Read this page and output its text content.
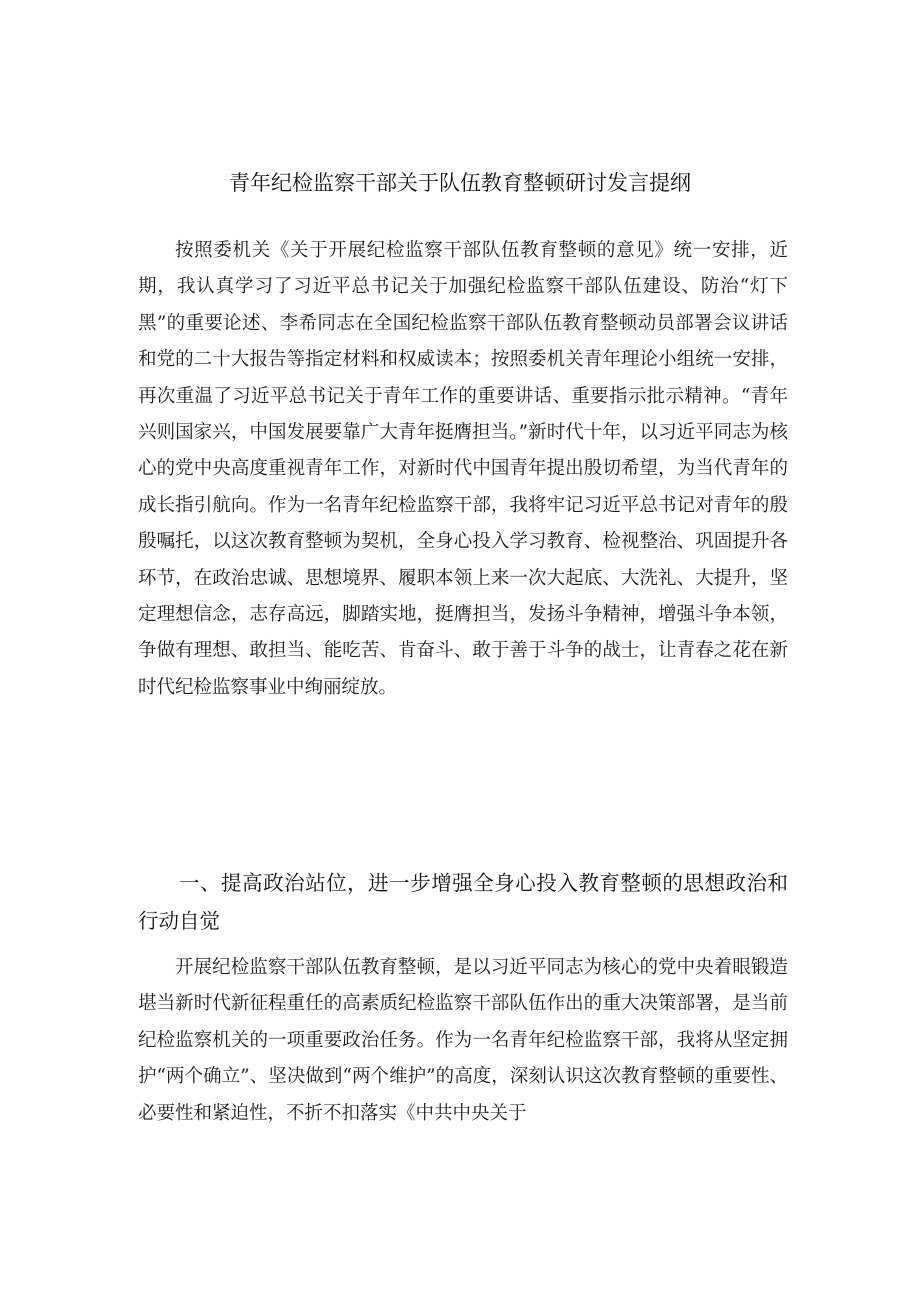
青年纪检监察干部关于队伍教育整顿研讨发言提纲

按照委机关《关于开展纪检监察干部队伍教育整顿的意见》统一安排，近期，我认真学习了习近平总书记关于加强纪检监察干部队伍建设、防治“灯下黑”的重要论述、李希同志在全国纪检监察干部队伍教育整顿动员部署会议讲话和党的二十大报告等指定材料和权威读本；按照委机关青年理论小组统一安排，再次重温了习近平总书记关于青年工作的重要讲话、重要指示批示精神。“青年兴则国家兴，中国发展要靠广大青年挺膺担当。”新时代十年，以习近平同志为核心的党中央高度重视青年工作，对新时代中国青年提出殷切希望，为当代青年的成长指引航向。作为一名青年纪检监察干部，我将牢记习近平总书记对青年的殷殷嘱托，以这次教育整顿为契机，全身心投入学习教育、检视整治、巩固提升各环节，在政治忠诚、思想境界、履职本领上来一次大起底、大洗礼、大提升，坚定理想信念，志存高远，脚踏实地，挺膺担当，发扬斗争精神，增强斗争本领，争做有理想、敢担当、能吃苦、肯奋斗、敢于善于斗争的战士，让青春之花在新时代纪检监察事业中绚丽绽放。

一、提高政治站位，进一步增强全身心投入教育整顿的思想政治和行动自觉

开展纪检监察干部队伍教育整顿，是以习近平同志为核心的党中央着眼锻造堪当新时代新征程重任的高素质纪检监察干部队伍作出的重大决策部署，是当前纪检监察机关的一项重要政治任务。作为一名青年纪检监察干部，我将从坚定拥护“两个确立”、坚决做到“两个维护”的高度，深刻认识这次教育整顿的重要性、必要性和紧迫性，不折不扣落实《中共中央关于
